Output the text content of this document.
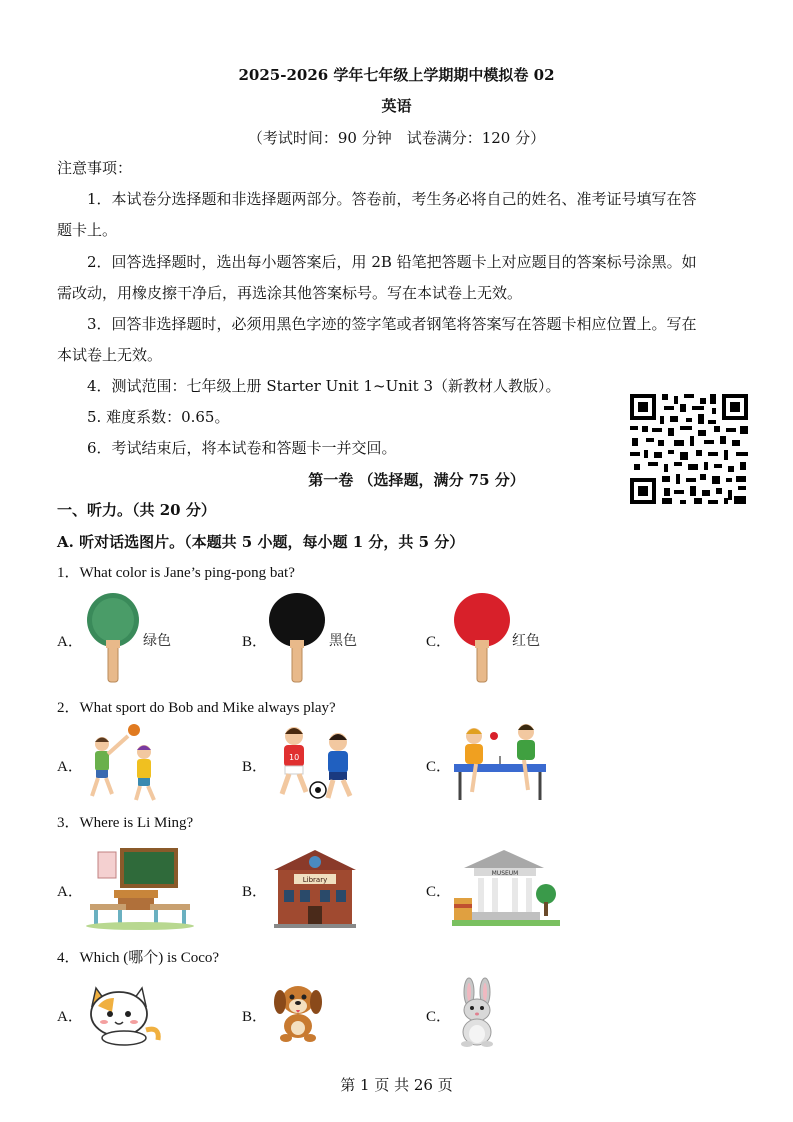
2025-2026 学年七年级上学期期中模拟卷 02
英语
（考试时间：90 分钟　试卷满分：120 分）
注意事项：
1．本试卷分选择题和非选择题两部分。答卷前，考生务必将自己的姓名、准考证号填写在答
题卡上。
2．回答选择题时，选出每小题答案后，用 2B 铅笔把答题卡上对应题目的答案标号涂黑。如
需改动，用橡皮擦干净后，再选涂其他答案标号。写在本试卷上无效。
3．回答非选择题时，必须用黑色字迹的签字笔或者钢笔将答案写在答题卡相应位置上。写在
本试卷上无效。
4．测试范围：七年级上册 Starter Unit 1~Unit 3（新教材人教版）。
5. 难度系数：0.65。
6．考试结束后，将本试卷和答题卡一并交回。
第一卷 （选择题，满分 75 分）
一、听力。（共 20 分）
A. 听对话选图片。（本题共 5 小题，每小题 1 分，共 5 分）
1．What color is Jane’s ping-pong bat?
A．	绿色	B．	黑色	C．	红色
2．What sport do Bob and Mike always play?
A．	B．
10
C．
3．Where is Li Ming?
A．	B．
Library
C．
MUSEUM
4．Which (哪个) is Coco?
A．	B．	C．
第 1 页 共 26 页
